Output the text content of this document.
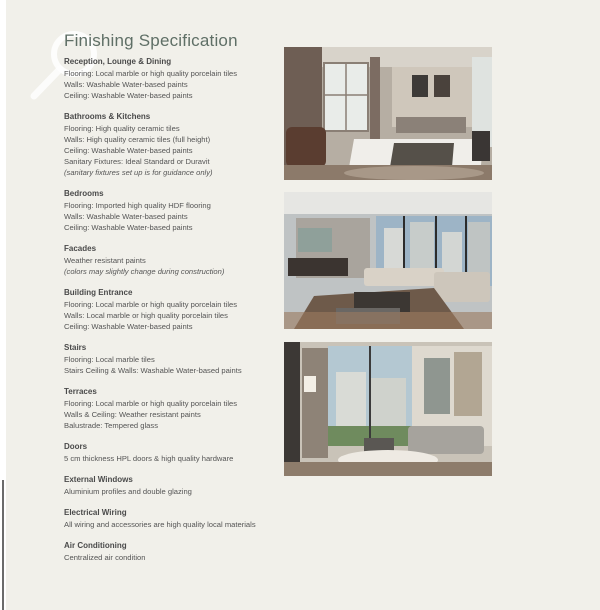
Finishing Specification
Reception, Lounge & Dining
Flooring: Local marble or high quality porcelain tiles
Walls: Washable Water-based paints
Ceiling: Washable Water-based paints
Bathrooms & Kitchens
Flooring: High quality ceramic tiles
Walls: High quality ceramic tiles (full height)
Ceiling: Washable Water-based paints
Sanitary Fixtures: Ideal Standard or Duravit
(sanitary fixtures set up is for guidance only)
Bedrooms
Flooring: Imported high quality HDF flooring
Walls: Washable Water-based paints
Ceiling: Washable Water-based paints
Facades
Weather resistant paints
(colors may slightly change during construction)
Building Entrance
Flooring: Local marble or high quality porcelain tiles
Walls: Local marble or high quality porcelain tiles
Ceiling: Washable Water-based paints
Stairs
Flooring: Local marble tiles
Stairs Ceiling & Walls: Washable Water-based paints
Terraces
Flooring: Local marble or high quality porcelain tiles
Walls & Ceiling: Weather resistant paints
Balustrade: Tempered glass
Doors
5 cm thickness HPL doors & high quality hardware
External Windows
Aluminium profiles and double glazing
Electrical Wiring
All wiring and accessories are high quality local materials
Air Conditioning
Centralized air condition
